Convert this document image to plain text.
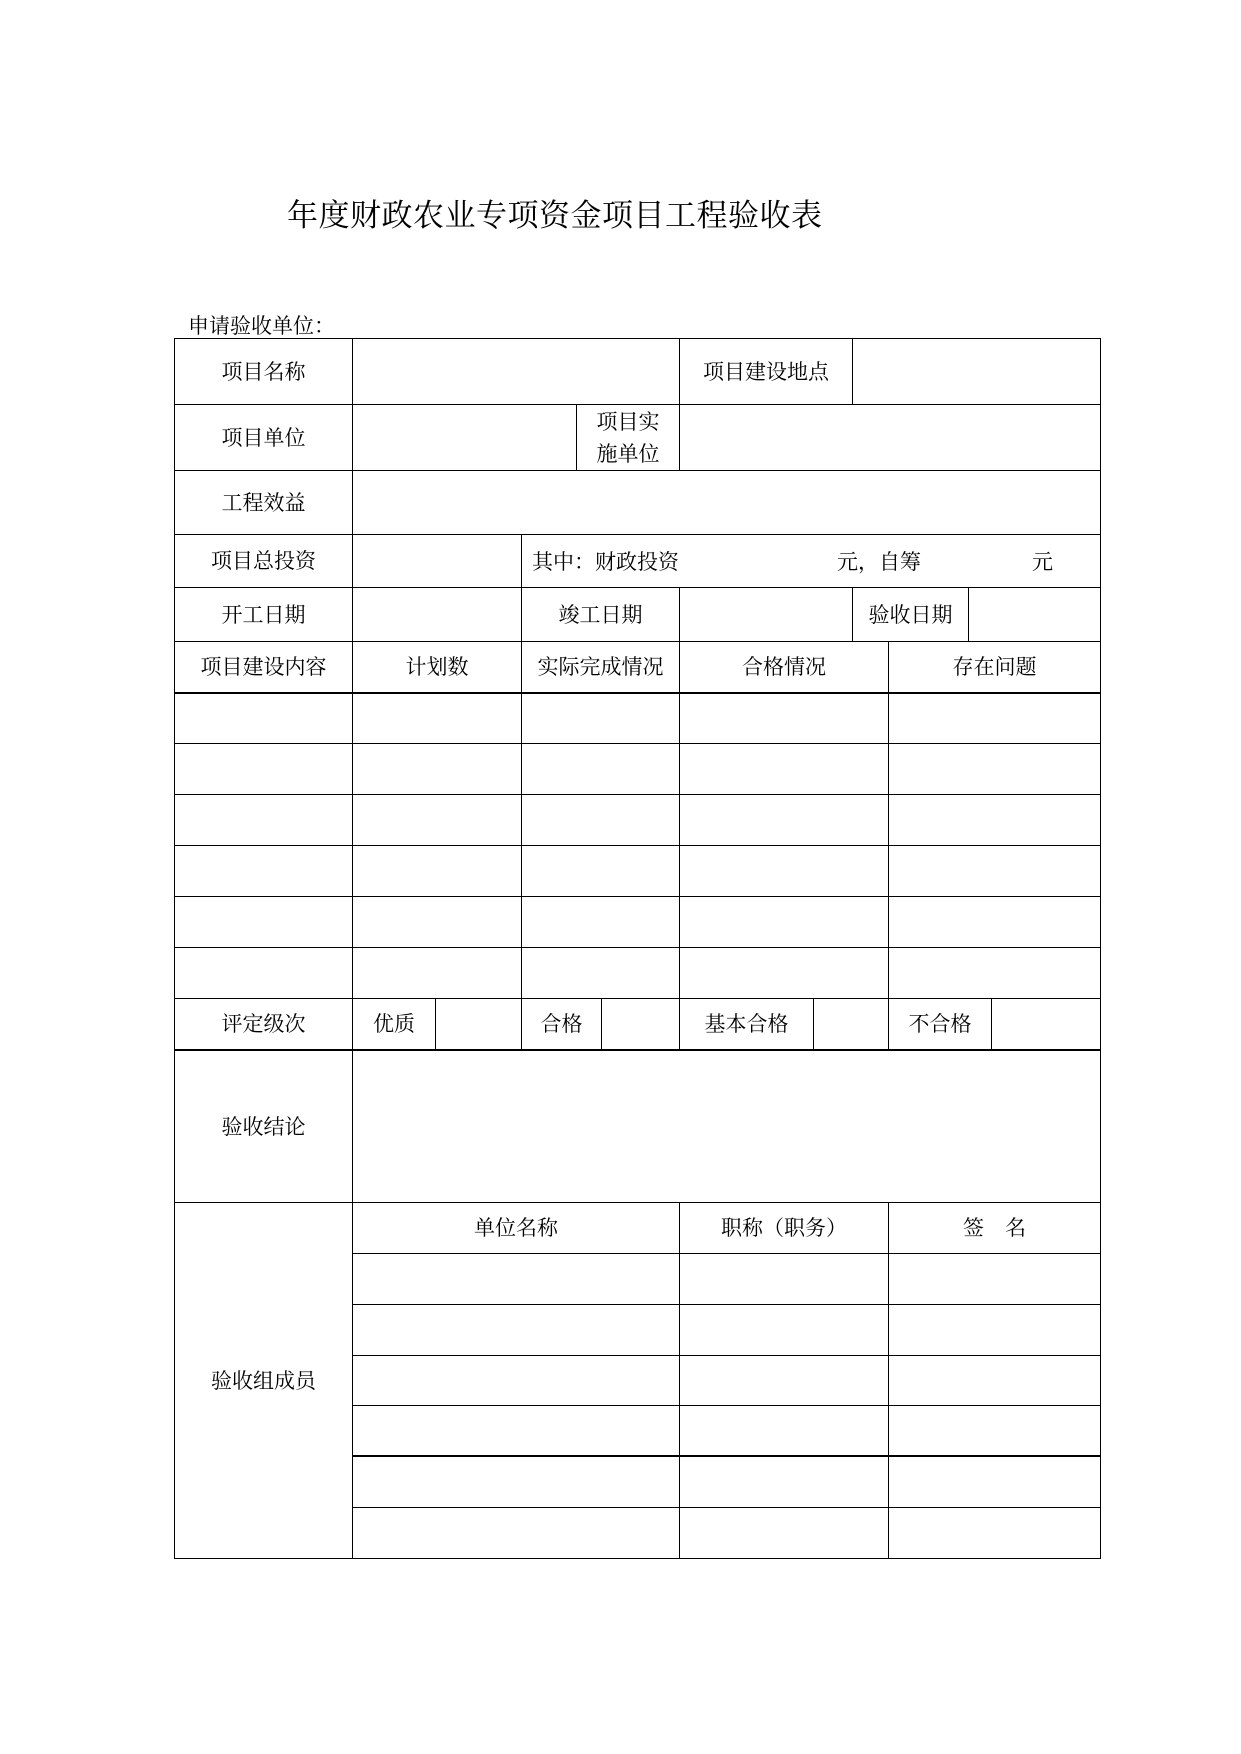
年度财政农业专项资金项目工程验收表
申请验收单位：
项目名称	项目建设地点
项目单位
项目实
施单位
工程效益
项目总投资	其中：财政投资	元，自筹	元
开工日期	竣工日期	验收日期
项目建设内容	计划数	实际完成情况	合格情况	存在问题
评定级次	优质	合格	基本合格	不合格
验收结论
验收组成员
单位名称	职称（职务）	签　名
